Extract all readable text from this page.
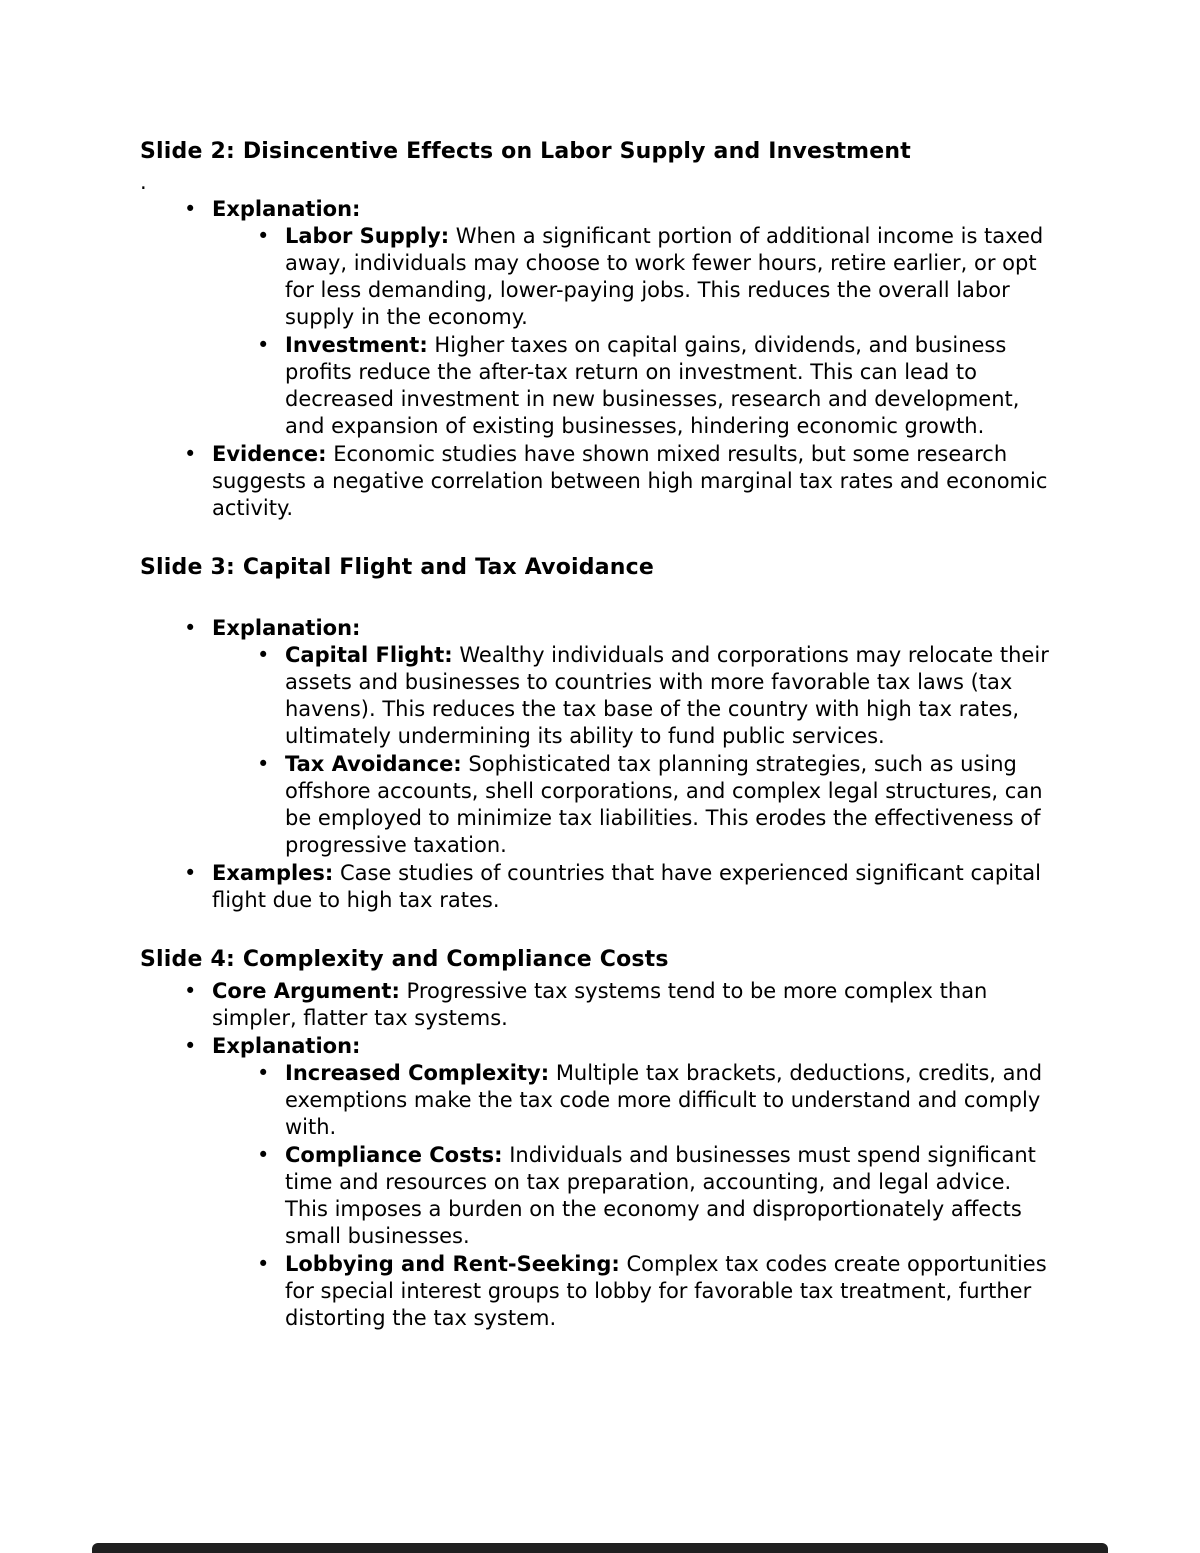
Slide 2: Disincentive Effects on Labor Supply and Investment

.

• Explanation:
• Labor Supply: When a significant portion of additional income is taxed away, individuals may choose to work fewer hours, retire earlier, or opt for less demanding, lower-paying jobs. This reduces the overall labor supply in the economy.
• Investment: Higher taxes on capital gains, dividends, and business profits reduce the after-tax return on investment. This can lead to decreased investment in new businesses, research and development, and expansion of existing businesses, hindering economic growth.
• Evidence: Economic studies have shown mixed results, but some research suggests a negative correlation between high marginal tax rates and economic activity.
Slide 3: Capital Flight and Tax Avoidance
• Explanation:
• Capital Flight: Wealthy individuals and corporations may relocate their assets and businesses to countries with more favorable tax laws (tax havens). This reduces the tax base of the country with high tax rates, ultimately undermining its ability to fund public services.
• Tax Avoidance: Sophisticated tax planning strategies, such as using offshore accounts, shell corporations, and complex legal structures, can be employed to minimize tax liabilities. This erodes the effectiveness of progressive taxation.
• Examples: Case studies of countries that have experienced significant capital flight due to high tax rates.
Slide 4: Complexity and Compliance Costs
• Core Argument: Progressive tax systems tend to be more complex than simpler, flatter tax systems.
• Explanation:
• Increased Complexity: Multiple tax brackets, deductions, credits, and exemptions make the tax code more difficult to understand and comply with.
• Compliance Costs: Individuals and businesses must spend significant time and resources on tax preparation, accounting, and legal advice. This imposes a burden on the economy and disproportionately affects small businesses.
• Lobbying and Rent-Seeking: Complex tax codes create opportunities for special interest groups to lobby for favorable tax treatment, further distorting the tax system.
